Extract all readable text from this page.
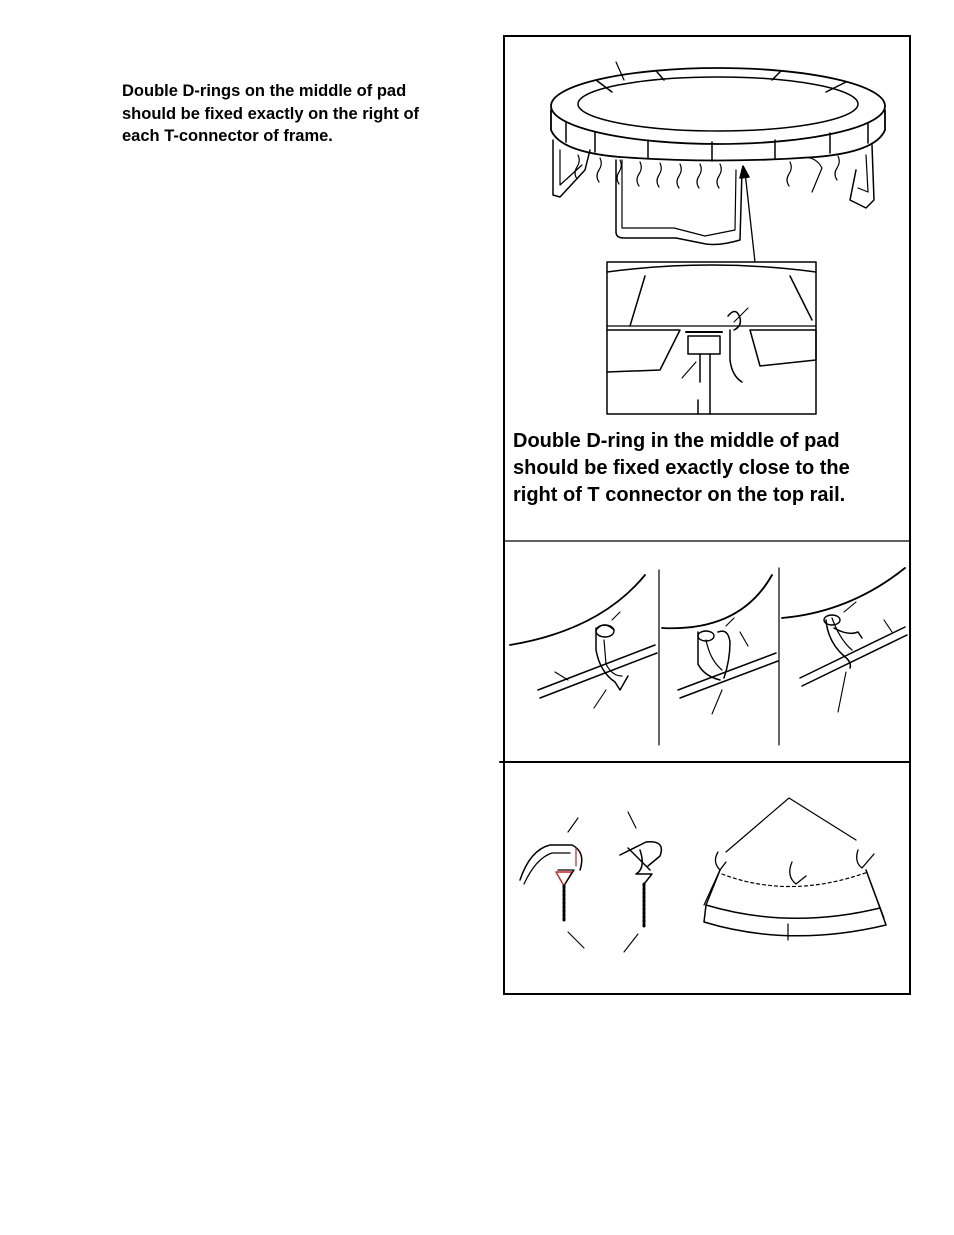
Double D-rings on the middle of pad
should be fixed exactly on the right of
each T-connector of frame.
Double D-ring in the middle of pad
should be fixed exactly close to the
right of T connector on the top rail.
